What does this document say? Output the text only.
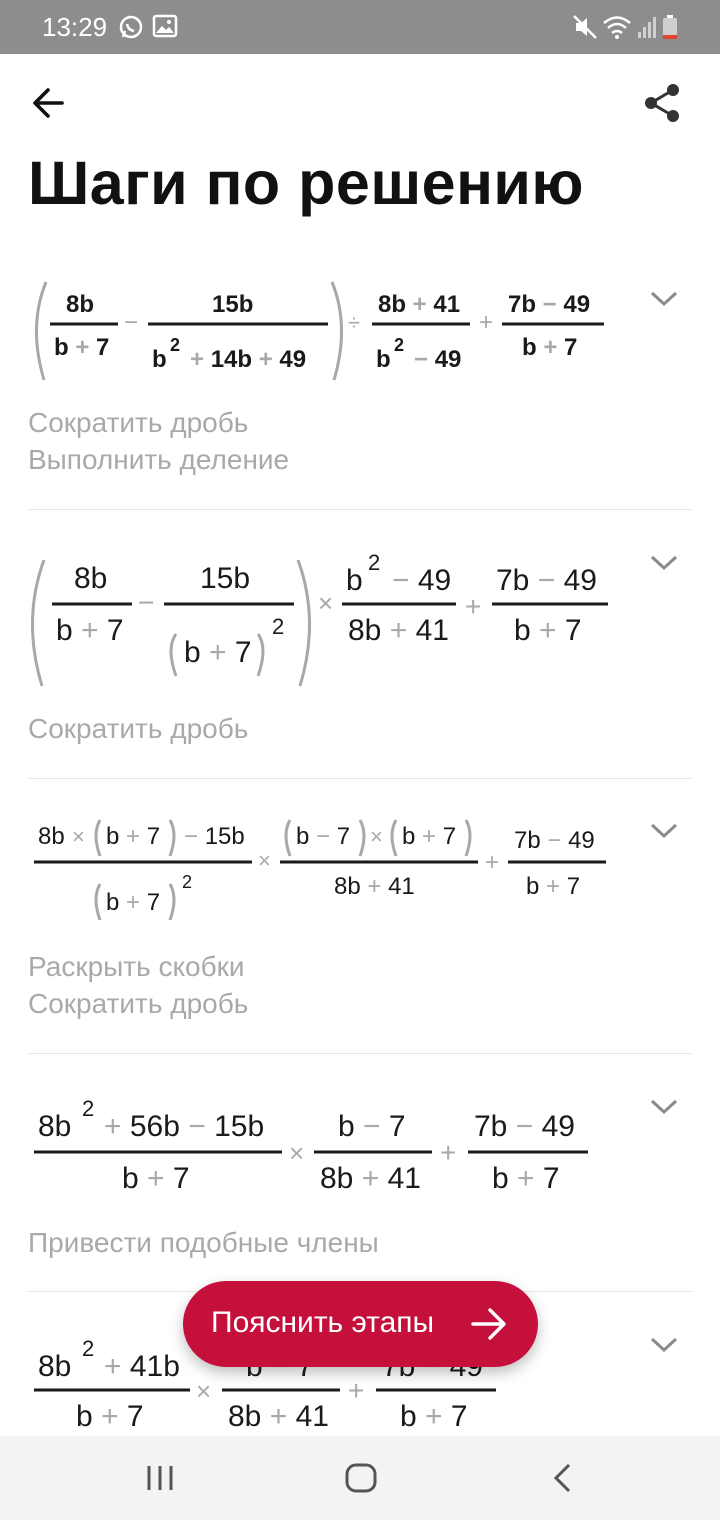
13:29
Шаги по решению
8b
b + 7
−
15b
b
2
+ 14b + 49
÷
8b + 41
b
2
− 49
+
7b − 49
b + 7
Сократить дробь
Выполнить деление
8b
b + 7
−
15b
b + 7
2
×
b
2
− 49
8b + 41
+
7b − 49
b + 7
Сократить дробь
8b × b + 7 − 15b
b + 7
2
×
b − 7 × b + 7
8b + 41
+
7b − 49
b + 7
Раскрыть скобки
Сократить дробь
8b
2
+ 56b − 15b
b + 7
×
b − 7
8b + 41
+
7b − 49
b + 7
Привести подобные члены
8b
2
+ 41b
b + 7
×
8b + 41
+
b + 7
Пояснить этапы
